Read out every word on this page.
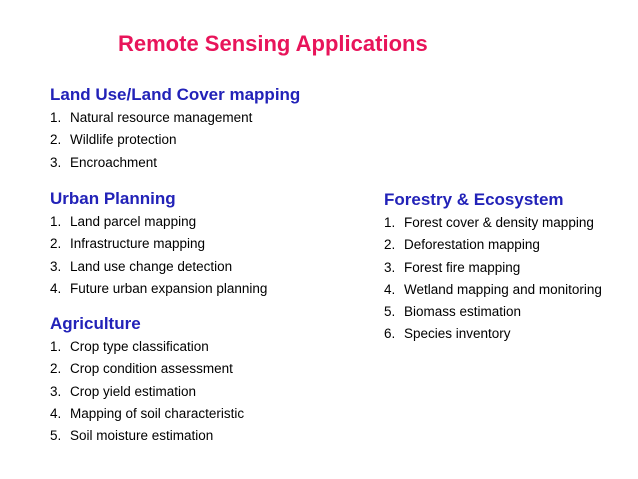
Remote Sensing Applications
Land Use/Land Cover mapping
1. Natural resource management
2. Wildlife protection
3. Encroachment
Urban Planning
1. Land parcel mapping
2. Infrastructure mapping
3. Land use change detection
4. Future urban expansion planning
Agriculture
1. Crop type classification
2. Crop condition assessment
3. Crop yield estimation
4. Mapping of soil characteristic
5. Soil moisture estimation
Forestry & Ecosystem
1. Forest cover & density mapping
2. Deforestation mapping
3. Forest fire mapping
4. Wetland mapping and monitoring
5. Biomass estimation
6. Species inventory
